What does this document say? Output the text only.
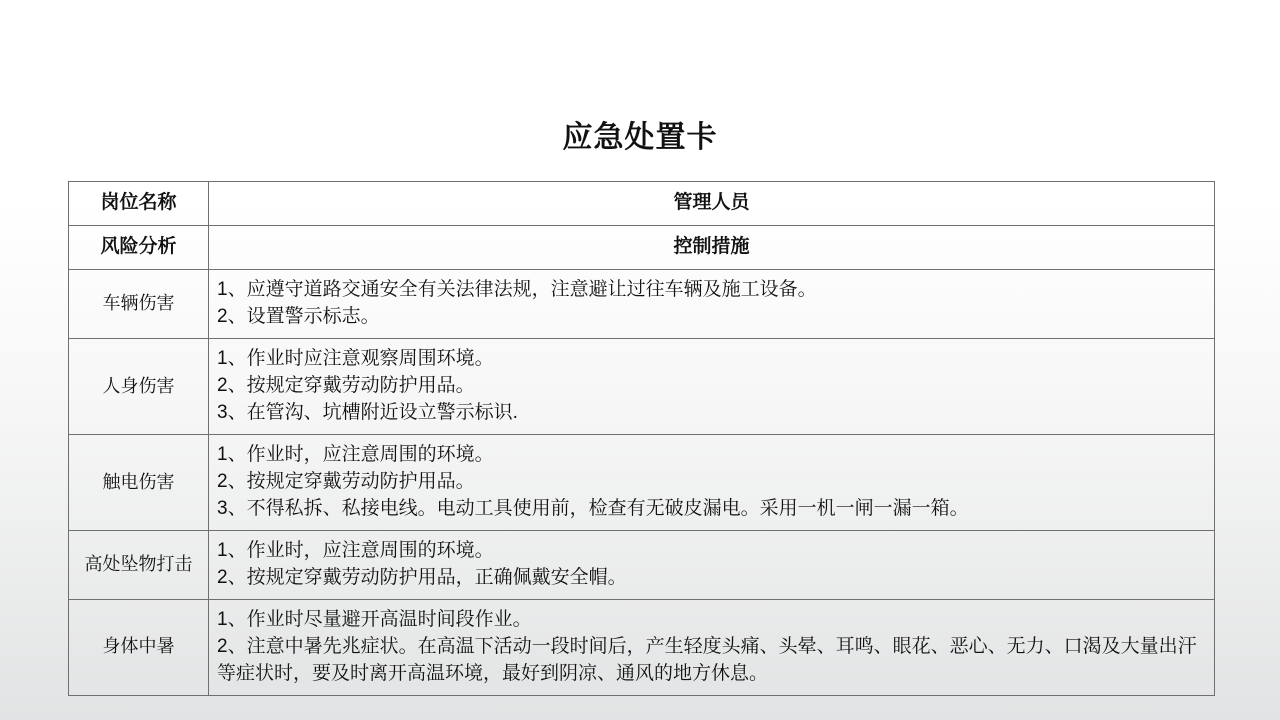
应急处置卡
岗位名称	管理人员
风险分析	控制措施
车辆伤害	1、应遵守道路交通安全有关法律法规，注意避让过往车辆及施工设备。
2、设置警示标志。

人身伤害	1、作业时应注意观察周围环境。
2、按规定穿戴劳动防护用品。
3、在管沟、坑槽附近设立警示标识.

触电伤害	1、作业时，应注意周围的环境。
2、按规定穿戴劳动防护用品。
3、不得私拆、私接电线。电动工具使用前，检查有无破皮漏电。采用一机一闸一漏一箱。

高处坠物打击	1、作业时，应注意周围的环境。
2、按规定穿戴劳动防护用品，正确佩戴安全帽。

身体中暑	1、作业时尽量避开高温时间段作业。
2、注意中暑先兆症状。在高温下活动一段时间后，产生轻度头痛、头晕、耳鸣、眼花、恶心、无力、口渴及大量出汗等症状时，要及时离开高温环境，最好到阴凉、通风的地方休息。
